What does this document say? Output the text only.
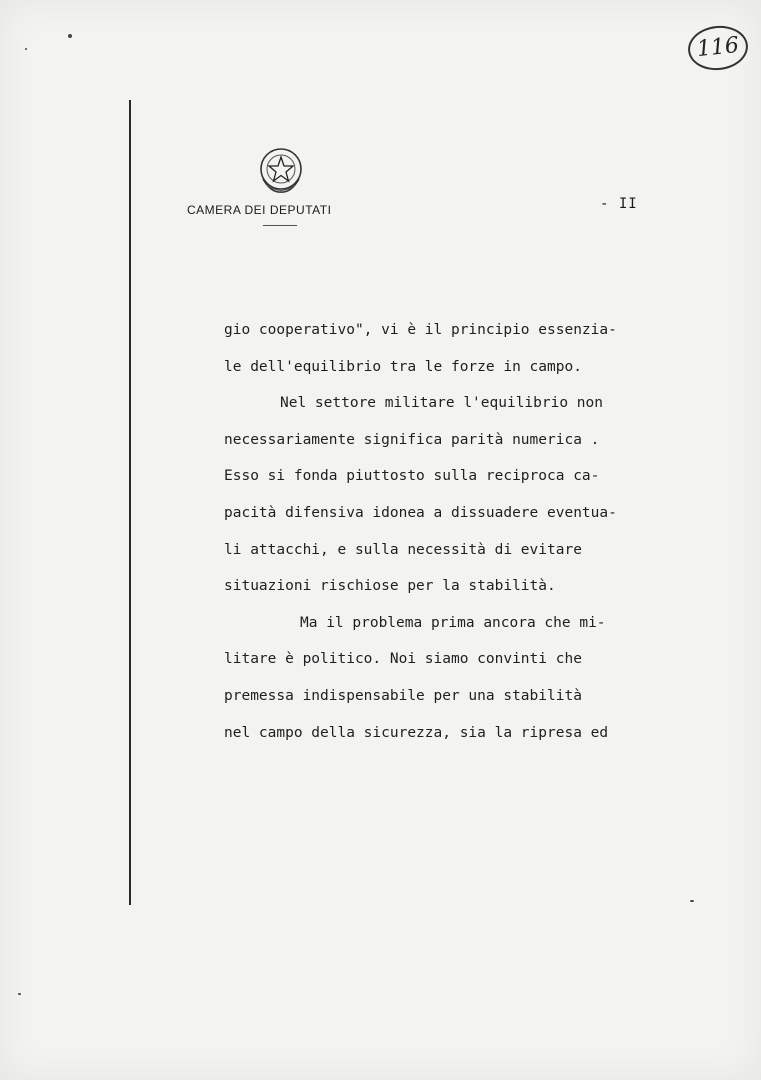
116
CAMERA DEI DEPUTATI	- II
gio cooperativo", vi è il principio essenzia-
le dell'equilibrio tra le forze in campo.
Nel settore militare l'equilibrio non
necessariamente significa parità numerica .
Esso si fonda piuttosto sulla reciproca ca-
pacità difensiva idonea a dissuadere eventua-
li attacchi, e sulla necessità di evitare
situazioni rischiose per la stabilità.
Ma il problema prima ancora che mi-
litare è politico. Noi siamo convinti che
premessa indispensabile per una stabilità
nel campo della sicurezza, sia la ripresa ed
